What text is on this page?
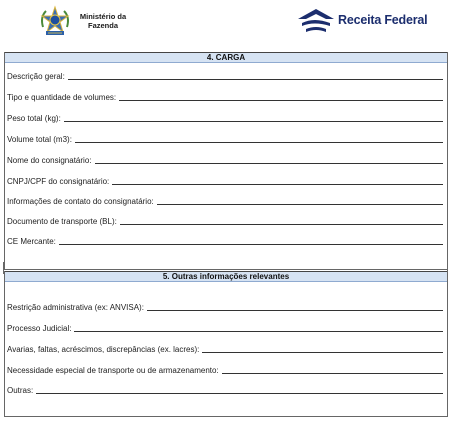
Ministério da
Fazenda	Receita Federal
4. CARGA
Descrição geral:
Tipo e quantidade de volumes:
Peso total (kg):
Volume total (m3):
Nome do consignatário:
CNPJ/CPF do consignatário:
Informações de contato do consignatário:
Documento de transporte (BL):
CE Mercante:
5. Outras informações relevantes
Restrição administrativa (ex: ANVISA):
Processo Judicial:
Avarias, faltas, acréscimos, discrepâncias (ex. lacres):
Necessidade especial de transporte ou de armazenamento:
Outras:
